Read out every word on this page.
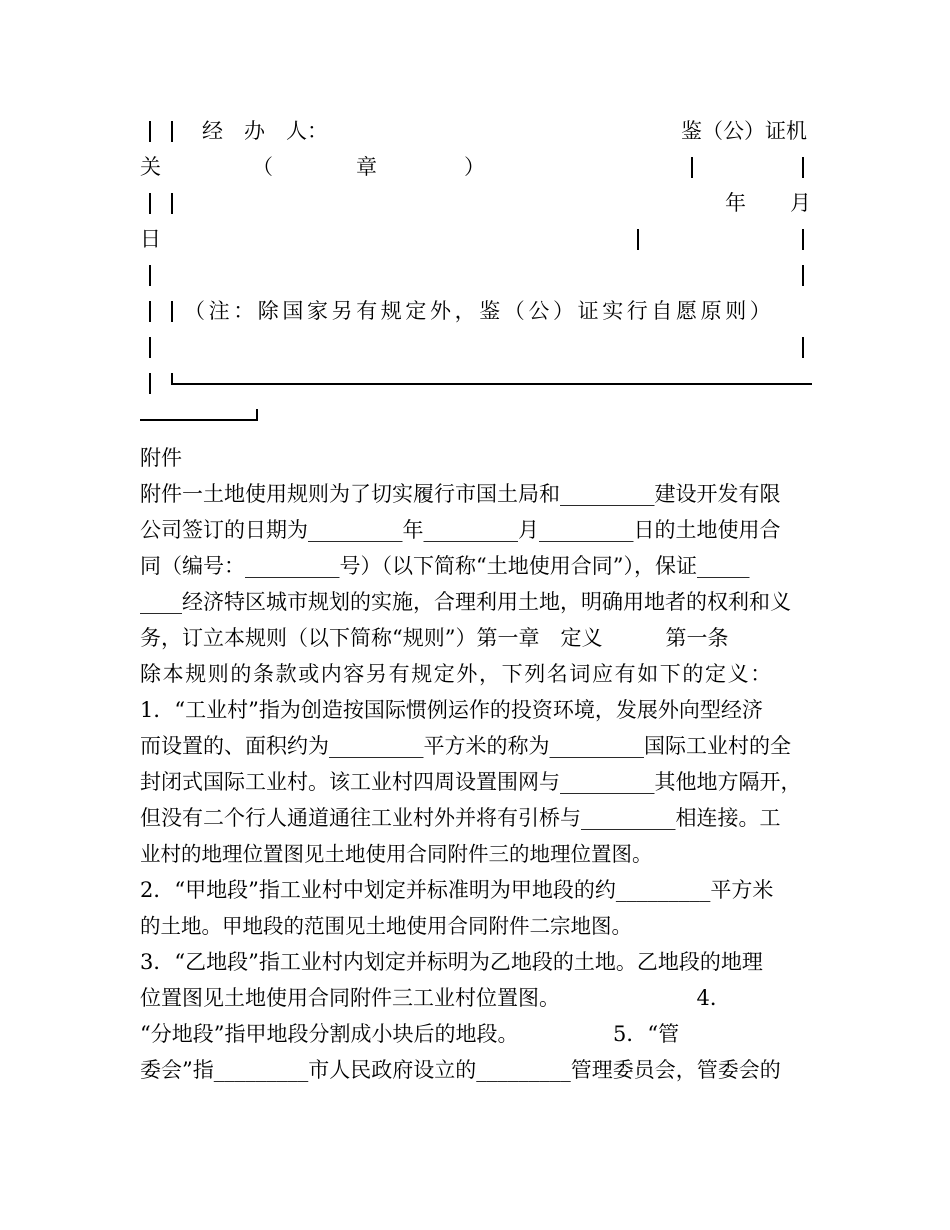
经　办　人：	鉴（公）证机
关	（	章	）
年 月
日
（注：除国家另有规定外，鉴（公）证实行自愿原则）
附件
附件一土地使用规则为了切实履行市国土局和_________建设开发有限
公司签订的日期为_________年_________月_________日的土地使用合
同（编号：_________号）（以下简称“土地使用合同”），保证_____
____经济特区城市规划的实施，合理利用土地，明确用地者的权利和义
务，订立本规则（以下简称“规则”）第一章　定义　　　第一条
除本规则的条款或内容另有规定外，下列名词应有如下的定义：
1．“工业村”指为创造按国际惯例运作的投资环境，发展外向型经济
而设置的、面积约为_________平方米的称为_________国际工业村的全
封闭式国际工业村。该工业村四周设置围网与_________其他地方隔开，
但没有二个行人通道通往工业村外并将有引桥与_________相连接。工
业村的地理位置图见土地使用合同附件三的地理位置图。
2．“甲地段”指工业村中划定并标准明为甲地段的约_________平方米
的土地。甲地段的范围见土地使用合同附件二宗地图。
3．“乙地段”指工业村内划定并标明为乙地段的土地。乙地段的地理
位置图见土地使用合同附件三工业村位置图。　　　　　　　4．
“分地段”指甲地段分割成小块后的地段。　　　　　5．“管
委会”指_________市人民政府设立的_________管理委员会，管委会的
